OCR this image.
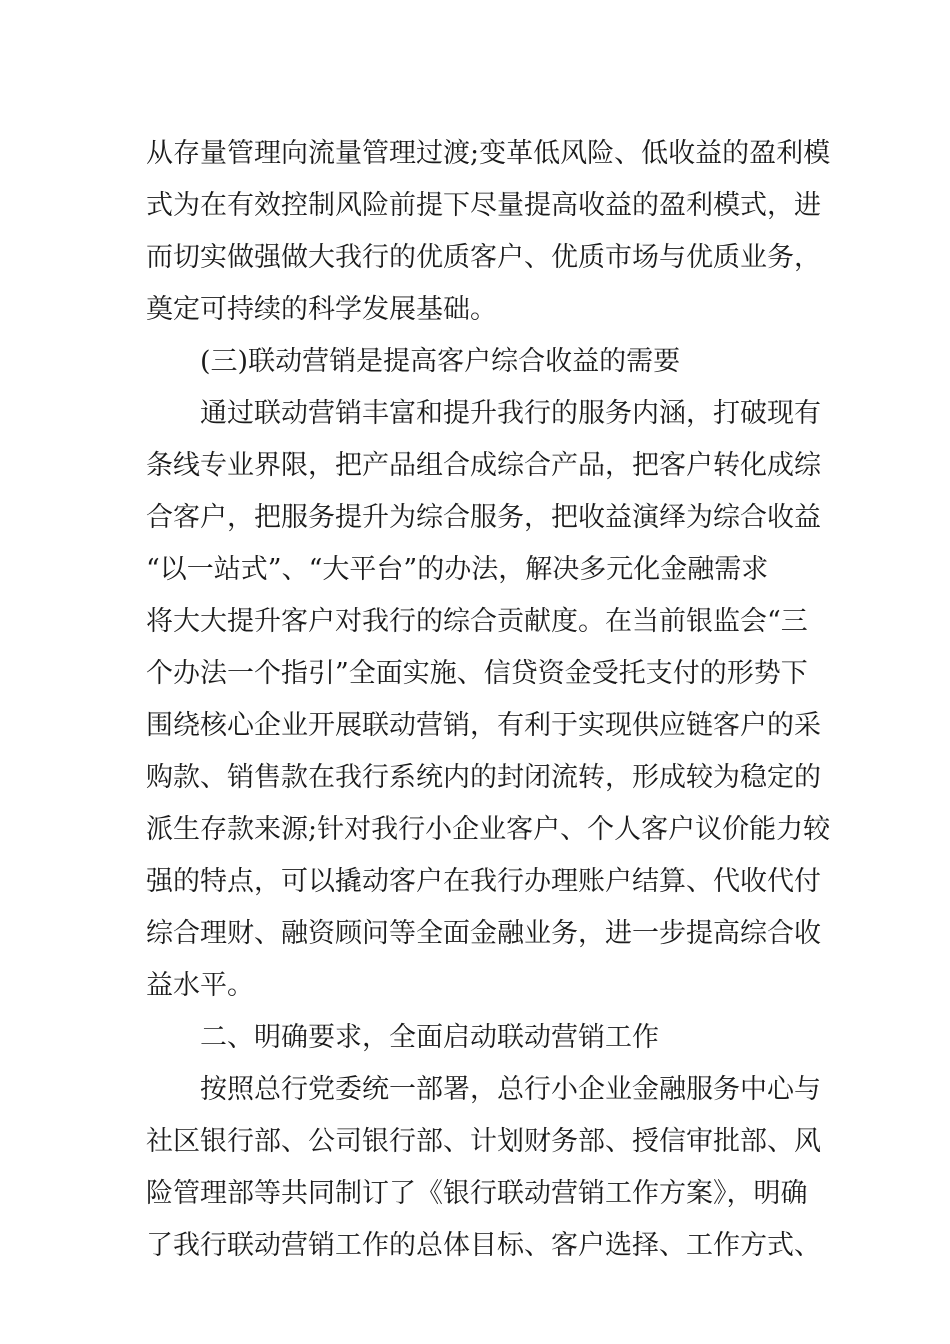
从存量管理向流量管理过渡;变革低风险、低收益的盈利模
式为在有效控制风险前提下尽量提高收益的盈利模式，进
而切实做强做大我行的优质客户、优质市场与优质业务，
奠定可持续的科学发展基础。
(三)联动营销是提高客户综合收益的需要
通过联动营销丰富和提升我行的服务内涵，打破现有
条线专业界限，把产品组合成综合产品，把客户转化成综
合客户，把服务提升为综合服务，把收益演绎为综合收益
“以一站式”、“大平台”的办法，解决多元化金融需求
将大大提升客户对我行的综合贡献度。在当前银监会“三
个办法一个指引”全面实施、信贷资金受托支付的形势下
围绕核心企业开展联动营销，有利于实现供应链客户的采
购款、销售款在我行系统内的封闭流转，形成较为稳定的
派生存款来源;针对我行小企业客户、个人客户议价能力较
强的特点，可以撬动客户在我行办理账户结算、代收代付
综合理财、融资顾问等全面金融业务，进一步提高综合收
益水平。
二、明确要求，全面启动联动营销工作
按照总行党委统一部署，总行小企业金融服务中心与
社区银行部、公司银行部、计划财务部、授信审批部、风
险管理部等共同制订了《银行联动营销工作方案》，明确
了我行联动营销工作的总体目标、客户选择、工作方式、
